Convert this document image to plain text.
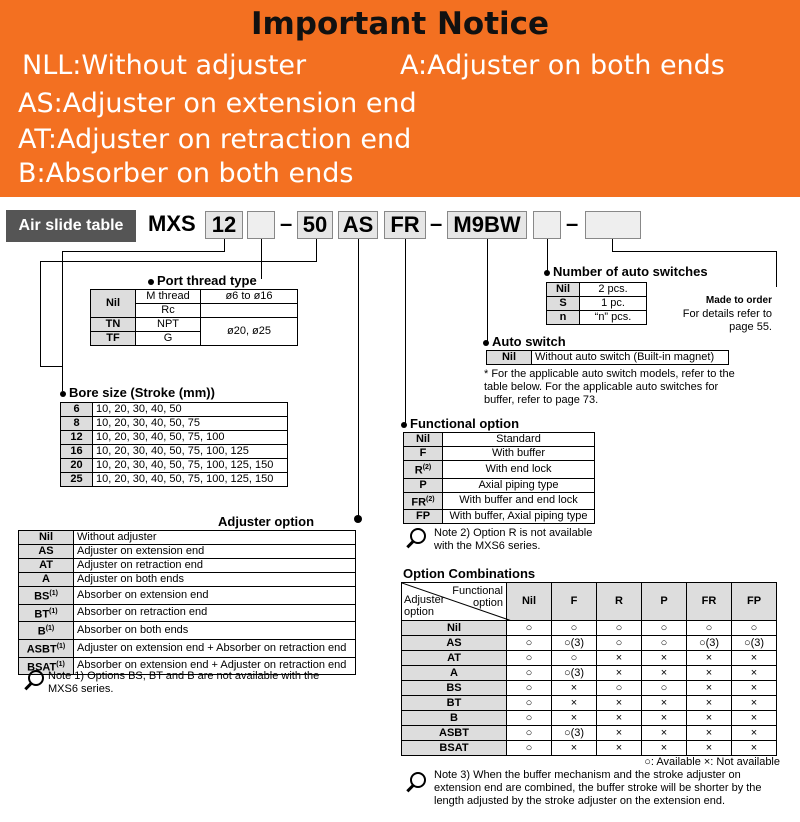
Important Notice
NLL:Without adjuster	A:Adjuster on both ends
AS:Adjuster on extension end
AT:Adjuster on retraction end
B:Absorber on both ends
Air slide table	MXS 12	– 50 AS FR – M9BW –
Port thread type
Nil	M thread	ø6 to ø16
	Rc	
TN	NPT	ø20, ø25
TF	G	
Bore size (Stroke (mm))
6	10, 20, 30, 40, 50
8	10, 20, 30, 40, 50, 75
12	10, 20, 30, 40, 50, 75, 100
16	10, 20, 30, 40, 50, 75, 100, 125
20	10, 20, 30, 40, 50, 75, 100, 125, 150
25	10, 20, 30, 40, 50, 75, 100, 125, 150
Adjuster option
Nil	Without adjuster
AS	Adjuster on extension end
AT	Adjuster on retraction end
A	Adjuster on both ends
BS$^{(1)}$	Absorber on extension end
BT$^{(1)}$	Absorber on retraction end
$B^{(1)}$	Absorber on both ends
ASBT$^{(1)}$	Adjuster on extension end + Absorber on retraction end
BSAT$^{(1)}$	Absorber on extension end + Adjuster on retraction end
Note 1) Options BS, BT and B are not available with the MXS6 series.
Number of auto switches
Nil	2 pcs.
S	1 pc.
n	“n” pcs.
Made to order
For details refer to page 55.
Auto switch
Nil	Without auto switch (Built-in magnet)
* For the applicable auto switch models, refer to the table below. For the applicable auto switches for buffer, refer to page 73.
Functional option
Nil	Standard
F	With buffer
$R^{(2)}$	With end lock
P	Axial piping type
FR$^{(2)}$	With buffer and end lock
FP	With buffer, Axial piping type
Note 2) Option R is not available with the MXS6 series.
Option Combinations
Functional option
Adjuster option	Nil	F	R	P	FR	FP
Nil	○	○	○	○	○	○
AS	○	○(3)	○	○	○(3)	○(3)
AT	○	○	×	×	×	×
A	○	○(3)	×	×	×	×
BS	○	×	○	○	×	×
BT	○	×	×	×	×	×
B	○	×	×	×	×	×
ASBT	○	○(3)	×	×	×	×
BSAT	○	×	×	×	×	×
○: Available ×: Not available
Note 3) When the buffer mechanism and the stroke adjuster on extension end are combined, the buffer stroke will be shorter by the length adjusted by the stroke adjuster on the extension end.
